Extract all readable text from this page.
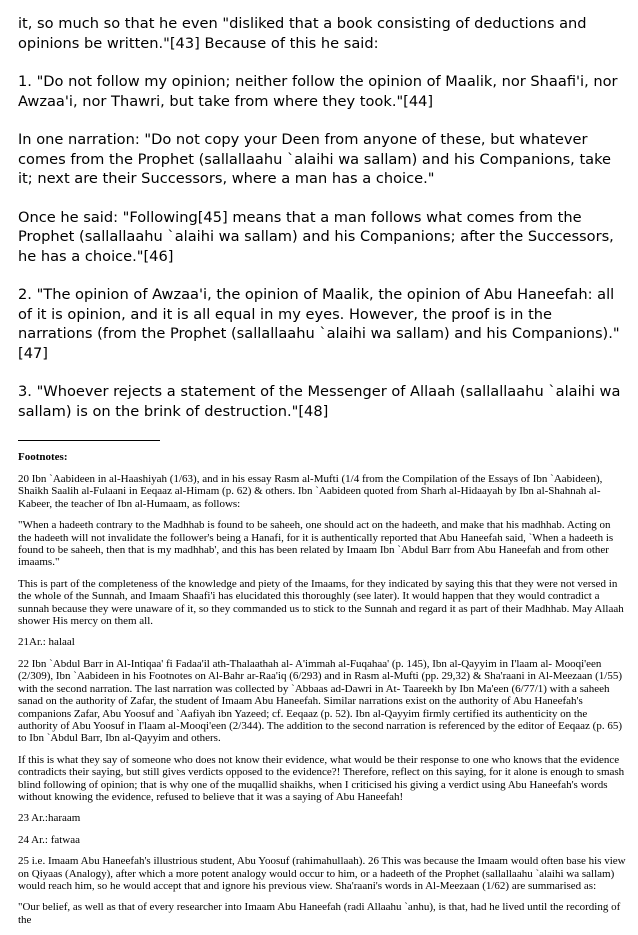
it, so much so that he even "disliked that a book consisting of deductions and opinions be written."[43] Because of this he said:

1. "Do not follow my opinion; neither follow the opinion of Maalik, nor Shaafi'i, nor Awzaa'i, nor Thawri, but take from where they took."[44]

In one narration: "Do not copy your Deen from anyone of these, but whatever comes from the Prophet (sallallaahu `alaihi wa sallam) and his Companions, take it; next are their Successors, where a man has a choice."

Once he said: "Following[45] means that a man follows what comes from the Prophet (sallallaahu `alaihi wa sallam) and his Companions; after the Successors, he has a choice."[46]

2. "The opinion of Awzaa'i, the opinion of Maalik, the opinion of Abu Haneefah: all of it is opinion, and it is all equal in my eyes. However, the proof is in the narrations (from the Prophet (sallallaahu `alaihi wa sallam) and his Companions)."[47]

3. "Whoever rejects a statement of the Messenger of Allaah (sallallaahu `alaihi wa sallam) is on the brink of destruction."[48]

Footnotes:

20 Ibn `Aabideen in al-Haashiyah (1/63), and in his essay Rasm al-Mufti (1/4 from the Compilation of the Essays of Ibn `Aabideen), Shaikh Saalih al-Fulaani in Eeqaaz al-Himam (p. 62) & others. Ibn `Aabideen quoted from Sharh al-Hidaayah by Ibn al-Shahnah al-Kabeer, the teacher of Ibn al-Humaam, as follows:

"When a hadeeth contrary to the Madhhab is found to be saheeh, one should act on the hadeeth, and make that his madhhab. Acting on the hadeeth will not invalidate the follower's being a Hanafi, for it is authentically reported that Abu Haneefah said, `When a hadeeth is found to be saheeh, then that is my madhhab', and this has been related by Imaam Ibn `Abdul Barr from Abu Haneefah and from other imaams."

This is part of the completeness of the knowledge and piety of the Imaams, for they indicated by saying this that they were not versed in the whole of the Sunnah, and Imaam Shaafi'i has elucidated this thoroughly (see later). It would happen that they would contradict a sunnah because they were unaware of it, so they commanded us to stick to the Sunnah and regard it as part of their Madhhab. May Allaah shower His mercy on them all.

21Ar.: halaal

22 Ibn `Abdul Barr in Al-Intiqaa' fi Fadaa'il ath-Thalaathah al- A'immah al-Fuqahaa' (p. 145), Ibn al-Qayyim in I'laam al- Mooqi'een (2/309), Ibn `Aabideen in his Footnotes on Al-Bahr ar-Raa'iq (6/293) and in Rasm al-Mufti (pp. 29,32) & Sha'raani in Al-Meezaan (1/55) with the second narration. The last narration was collected by `Abbaas ad-Dawri in At- Taareekh by Ibn Ma'een (6/77/1) with a saheeh sanad on the authority of Zafar, the student of Imaam Abu Haneefah. Similar narrations exist on the authority of Abu Haneefah's companions Zafar, Abu Yoosuf and `Aafiyah ibn Yazeed; cf. Eeqaaz (p. 52). Ibn al-Qayyim firmly certified its authenticity on the authority of Abu Yoosuf in I'laam al-Mooqi'een (2/344). The addition to the second narration is referenced by the editor of Eeqaaz (p. 65) to Ibn `Abdul Barr, Ibn al-Qayyim and others.

If this is what they say of someone who does not know their evidence, what would be their response to one who knows that the evidence contradicts their saying, but still gives verdicts opposed to the evidence?! Therefore, reflect on this saying, for it alone is enough to smash blind following of opinion; that is why one of the muqallid shaikhs, when I criticised his giving a verdict using Abu Haneefah's words without knowing the evidence, refused to believe that it was a saying of Abu Haneefah!

23 Ar.:haraam

24 Ar.: fatwaa

25 i.e. Imaam Abu Haneefah's illustrious student, Abu Yoosuf (rahimahullaah). 26 This was because the Imaam would often base his view on Qiyaas (Analogy), after which a more potent analogy would occur to him, or a hadeeth of the Prophet (sallallaahu `alaihi wa sallam) would reach him, so he would accept that and ignore his previous view. Sha'raani's words in Al-Meezaan (1/62) are summarised as:

"Our belief, as well as that of every researcher into Imaam Abu Haneefah (radi Allaahu `anhu), is that, had he lived until the recording of the
